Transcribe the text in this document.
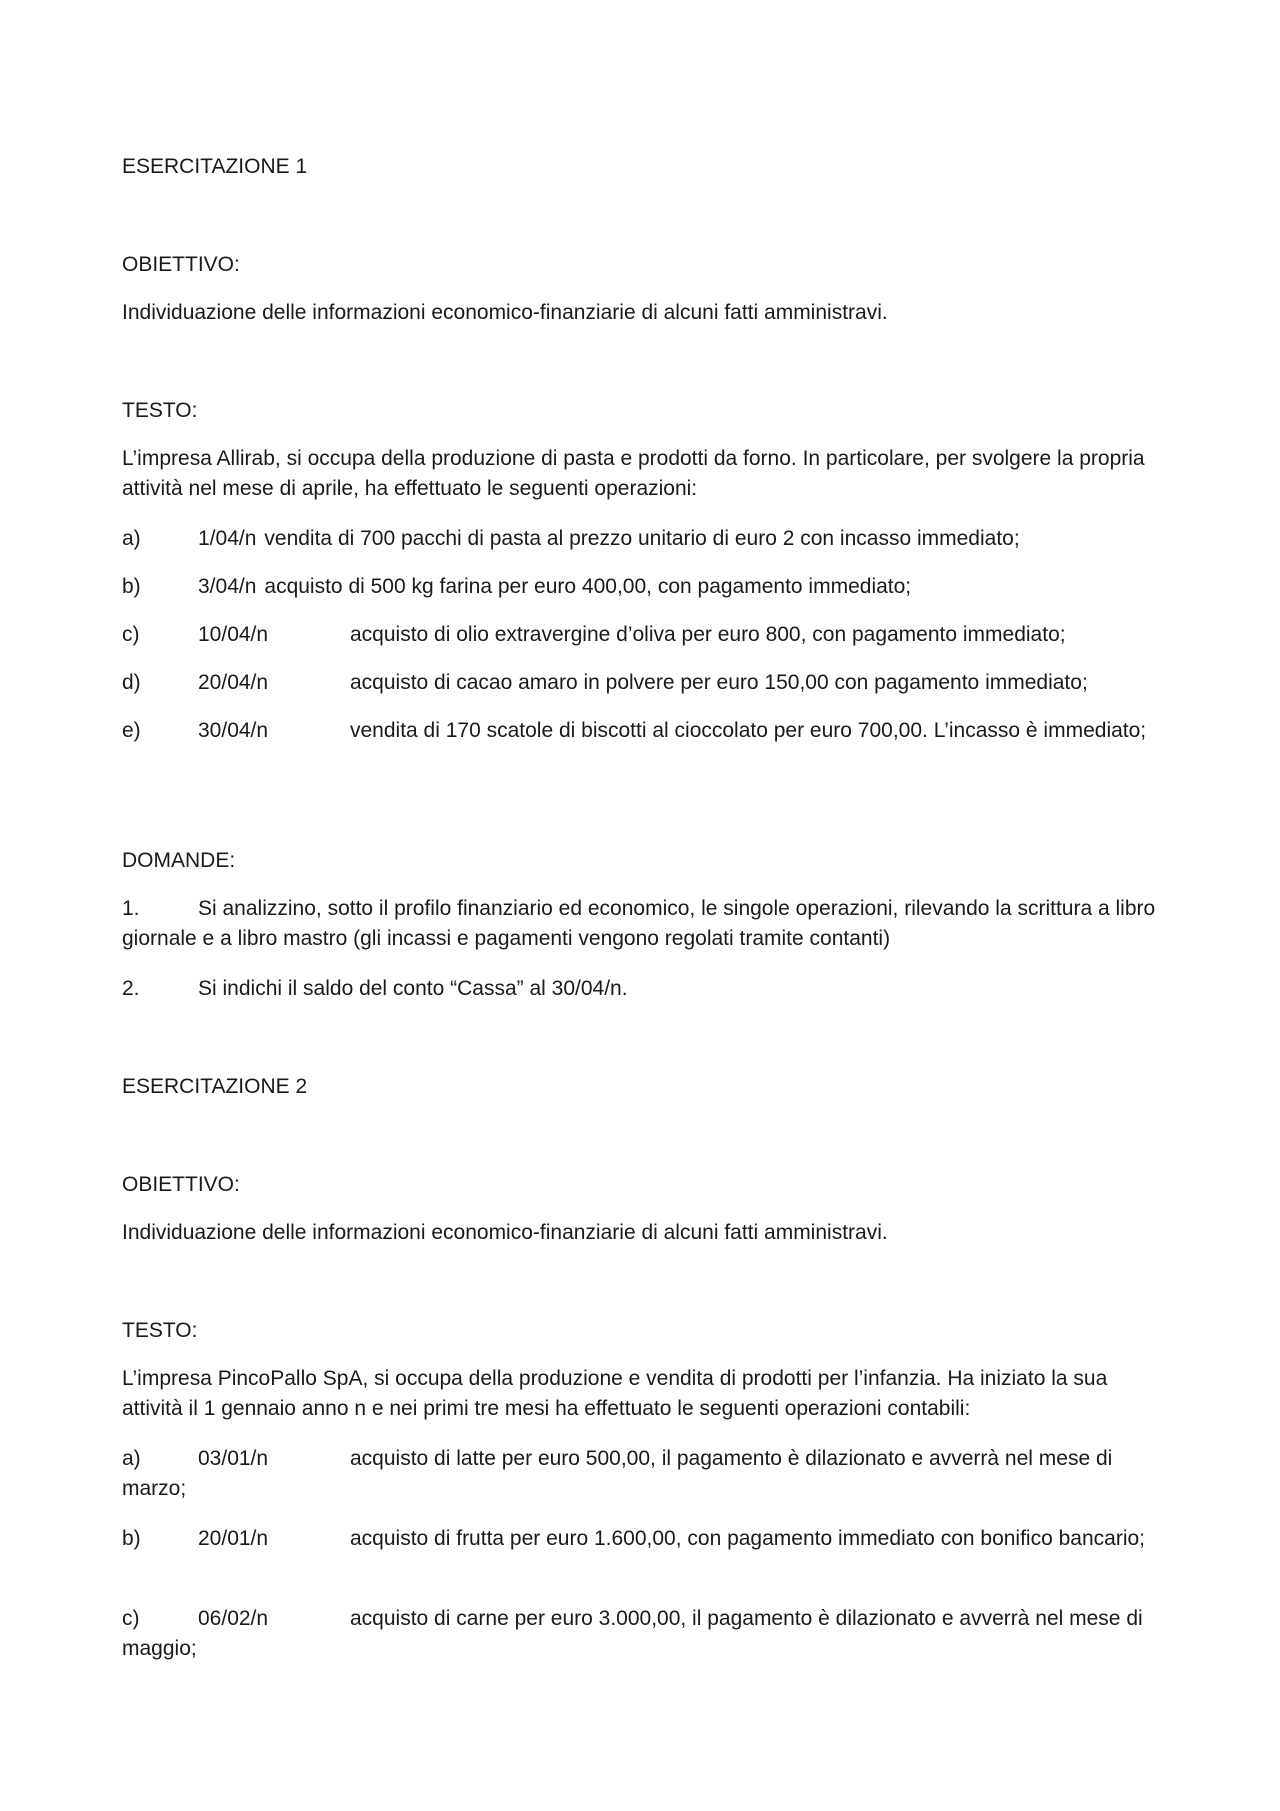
ESERCITAZIONE 1
OBIETTIVO:
Individuazione delle informazioni economico-finanziarie di alcuni fatti amministravi.
TESTO:
L’impresa Allirab, si occupa della produzione di pasta e prodotti da forno. In particolare, per svolgere la propria attività nel mese di aprile, ha effettuato le seguenti operazioni:
a)	1/04/n vendita di 700 pacchi di pasta al prezzo unitario di euro 2 con incasso immediato;
b)	3/04/n acquisto di 500 kg farina per euro 400,00, con pagamento immediato;
c)	10/04/n	acquisto di olio extravergine d’oliva per euro 800, con pagamento immediato;
d)	20/04/n	acquisto di cacao amaro in polvere per euro 150,00 con pagamento immediato;
e)	30/04/n	vendita di 170 scatole di biscotti al cioccolato per euro 700,00. L’incasso è immediato;
DOMANDE:
1.	Si analizzino, sotto il profilo finanziario ed economico, le singole operazioni, rilevando la scrittura a libro giornale e a libro mastro (gli incassi e pagamenti vengono regolati tramite contanti)
2.	Si indichi il saldo del conto “Cassa” al 30/04/n.
ESERCITAZIONE 2
OBIETTIVO:
Individuazione delle informazioni economico-finanziarie di alcuni fatti amministravi.
TESTO:
L’impresa PincoPallo SpA, si occupa della produzione e vendita di prodotti per l’infanzia. Ha iniziato la sua attività il 1 gennaio anno n e nei primi tre mesi ha effettuato le seguenti operazioni contabili:
a)	03/01/n	acquisto di latte per euro 500,00, il pagamento è dilazionato e avverrà nel mese di marzo;
b)	20/01/n	acquisto di frutta per euro 1.600,00, con pagamento immediato con bonifico bancario;
c)	06/02/n	acquisto di carne per euro 3.000,00, il pagamento è dilazionato e avverrà nel mese di maggio;
